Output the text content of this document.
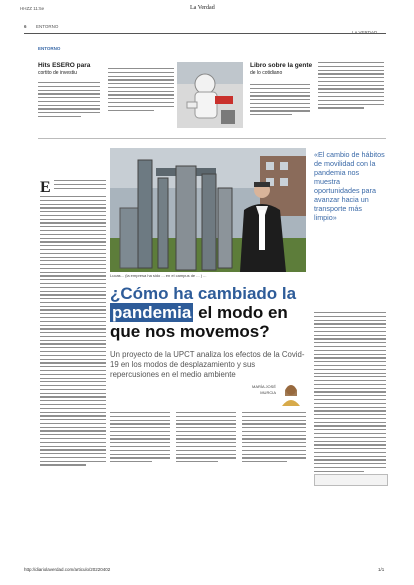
HHZZ 11:5e	La Verdad
6 ENTORNO
ENTORNO
Hits ESERO para
cortito de investiu
Libro sobre la gente
de lo cotidiano
Lucas... (la empresa ha sido ... en el campus de ... ) ...
E
¿Cómo ha cambiado la
pandemia el modo en
que nos movemos?
Un proyecto de la UPCT analiza los efectos de la Covid-19 en los modos de desplazamiento y sus repercusiones en el medio ambiente
MARÍA JOSÉ
MURCIA
«El cambio de hábitos de movilidad con la pandemia nos muestra oportunidades para avanzar hacia un transporte más limpio»
http://diariolaverdad.com/articulo/20220402	1/1
